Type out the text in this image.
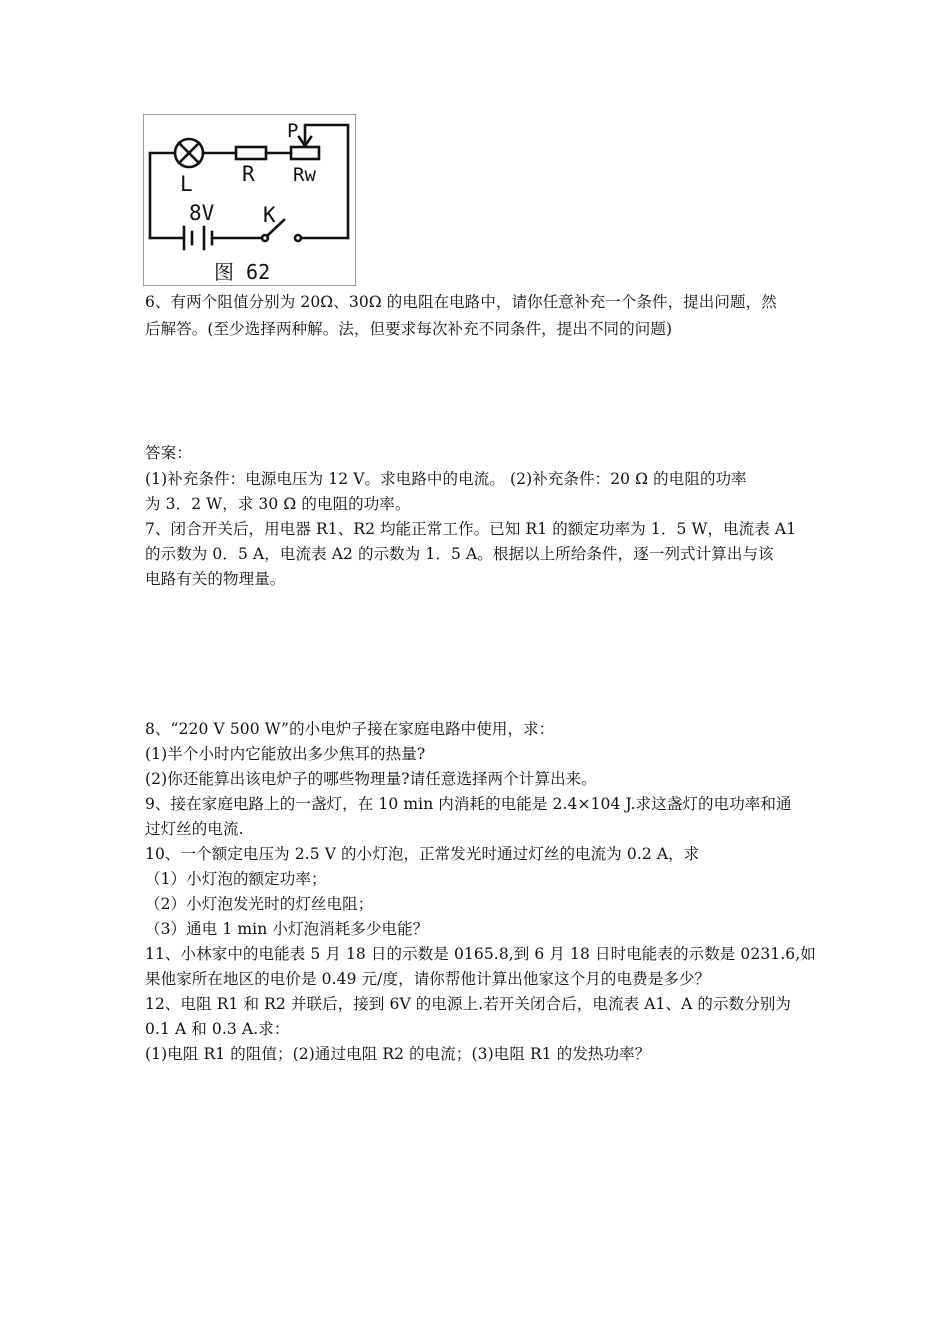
L R Rw
P
8V K
图 62
6、有两个阻值分别为 20Ω、30Ω 的电阻在电路中，请你任意补充一个条件，提出问题，然
后解答。(至少选择两种解。法，但要求每次补充不同条件，提出不同的问题)
答案：
(1)补充条件：电源电压为 12 V。求电路中的电流。 (2)补充条件：20 Ω 的电阻的功率
为 3．2 W，求 30 Ω 的电阻的功率。
7、闭合开关后，用电器 R1、R2 均能正常工作。已知 R1 的额定功率为 1．5 W，电流表 A1
的示数为 0．5 A，电流表 A2 的示数为 1．5 A。根据以上所给条件，逐一列式计算出与该
电路有关的物理量。
8、“220 V 500 W”的小电炉子接在家庭电路中使用，求：
(1)半个小时内它能放出多少焦耳的热量?
(2)你还能算出该电炉子的哪些物理量?请任意选择两个计算出来。
9、接在家庭电路上的一盏灯，在 10 min 内消耗的电能是 2.4×104 J.求这盏灯的电功率和通
过灯丝的电流.
10、一个额定电压为 2.5 V 的小灯泡，正常发光时通过灯丝的电流为 0.2 A，求
（1）小灯泡的额定功率；
（2）小灯泡发光时的灯丝电阻；
（3）通电 1 min 小灯泡消耗多少电能？
11、小林家中的电能表 5 月 18 日的示数是 0165.8,到 6 月 18 日时电能表的示数是 0231.6,如
果他家所在地区的电价是 0.49 元/度，请你帮他计算出他家这个月的电费是多少？
12、电阻 R1 和 R2 并联后，接到 6V 的电源上.若开关闭合后，电流表 A1、A 的示数分别为
0.1 A 和 0.3 A.求：
(1)电阻 R1 的阻值；(2)通过电阻 R2 的电流；(3)电阻 R1 的发热功率？
